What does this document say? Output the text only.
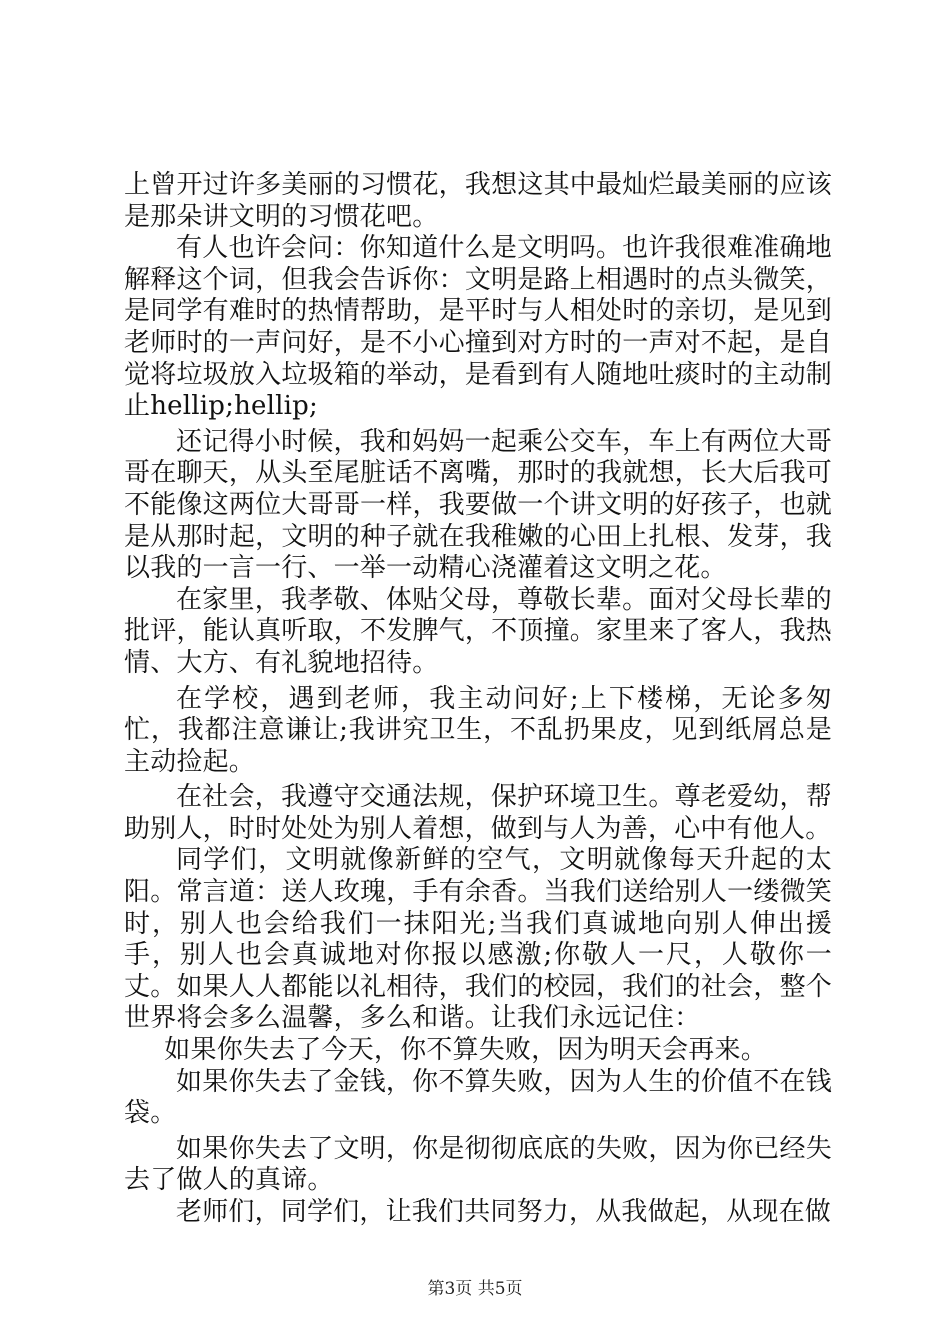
上曾开过许多美丽的习惯花，我想这其中最灿烂最美丽的应该是那朵讲文明的习惯花吧。

有人也许会问：你知道什么是文明吗。也许我很难准确地解释这个词，但我会告诉你：文明是路上相遇时的点头微笑，是同学有难时的热情帮助，是平时与人相处时的亲切，是见到老师时的一声问好，是不小心撞到对方时的一声对不起，是自觉将垃圾放入垃圾箱的举动，是看到有人随地吐痰时的主动制止hellip;hellip;

还记得小时候，我和妈妈一起乘公交车，车上有两位大哥哥在聊天，从头至尾脏话不离嘴，那时的我就想，长大后我可不能像这两位大哥哥一样，我要做一个讲文明的好孩子，也就是从那时起，文明的种子就在我稚嫩的心田上扎根、发芽，我以我的一言一行、一举一动精心浇灌着这文明之花。

在家里，我孝敬、体贴父母，尊敬长辈。面对父母长辈的批评，能认真听取，不发脾气，不顶撞。家里来了客人，我热情、大方、有礼貌地招待。

在学校，遇到老师，我主动问好;上下楼梯，无论多匆忙，我都注意谦让;我讲究卫生，不乱扔果皮，见到纸屑总是主动捡起。

在社会，我遵守交通法规，保护环境卫生。尊老爱幼，帮助别人，时时处处为别人着想，做到与人为善，心中有他人。

同学们，文明就像新鲜的空气，文明就像每天升起的太阳。常言道：送人玫瑰，手有余香。当我们送给别人一缕微笑时，别人也会给我们一抹阳光;当我们真诚地向别人伸出援手，别人也会真诚地对你报以感激;你敬人一尺，人敬你一丈。如果人人都能以礼相待，我们的校园，我们的社会，整个世界将会多么温馨，多么和谐。让我们永远记住：

如果你失去了今天，你不算失败，因为明天会再来。

如果你失去了金钱，你不算失败，因为人生的价值不在钱袋。

如果你失去了文明，你是彻彻底底的失败，因为你已经失去了做人的真谛。

老师们，同学们，让我们共同努力，从我做起，从现在做

第3页 共5页
